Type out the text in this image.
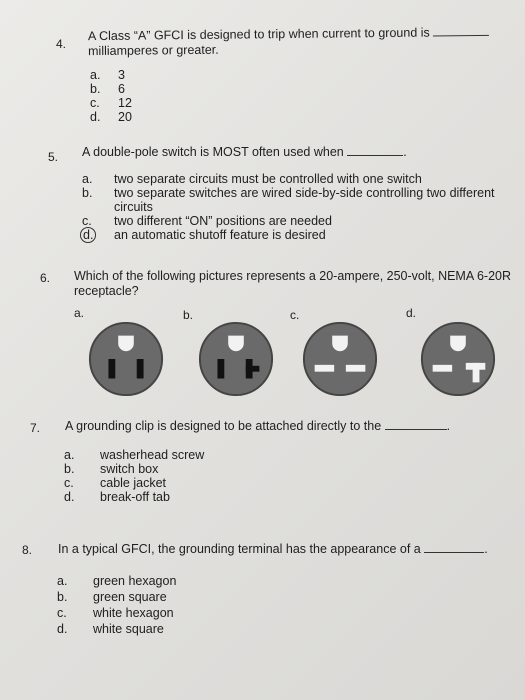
4.
A Class “A” GFCI is designed to trip when current to ground is
milliamperes or greater.
a. 3
b. 6
c. 12
d. 20
5. A double-pole switch is MOST often used when	.
a. two separate circuits must be controlled with one switch
b. two separate switches are wired side-by-side controlling two different
circuits
c. two different “ON” positions are needed
d. an automatic shutoff feature is desired
6. Which of the following pictures represents a 20-ampere, 250-volt, NEMA 6-20R
receptacle?
a.	b.	c.	d.
7. A grounding clip is designed to be attached directly to the	.
a. washerhead screw
b. switch box
c. cable jacket
d. break-off tab
8. In a typical GFCI, the grounding terminal has the appearance of a	.
a. green hexagon
b. green square
c. white hexagon
d. white square
